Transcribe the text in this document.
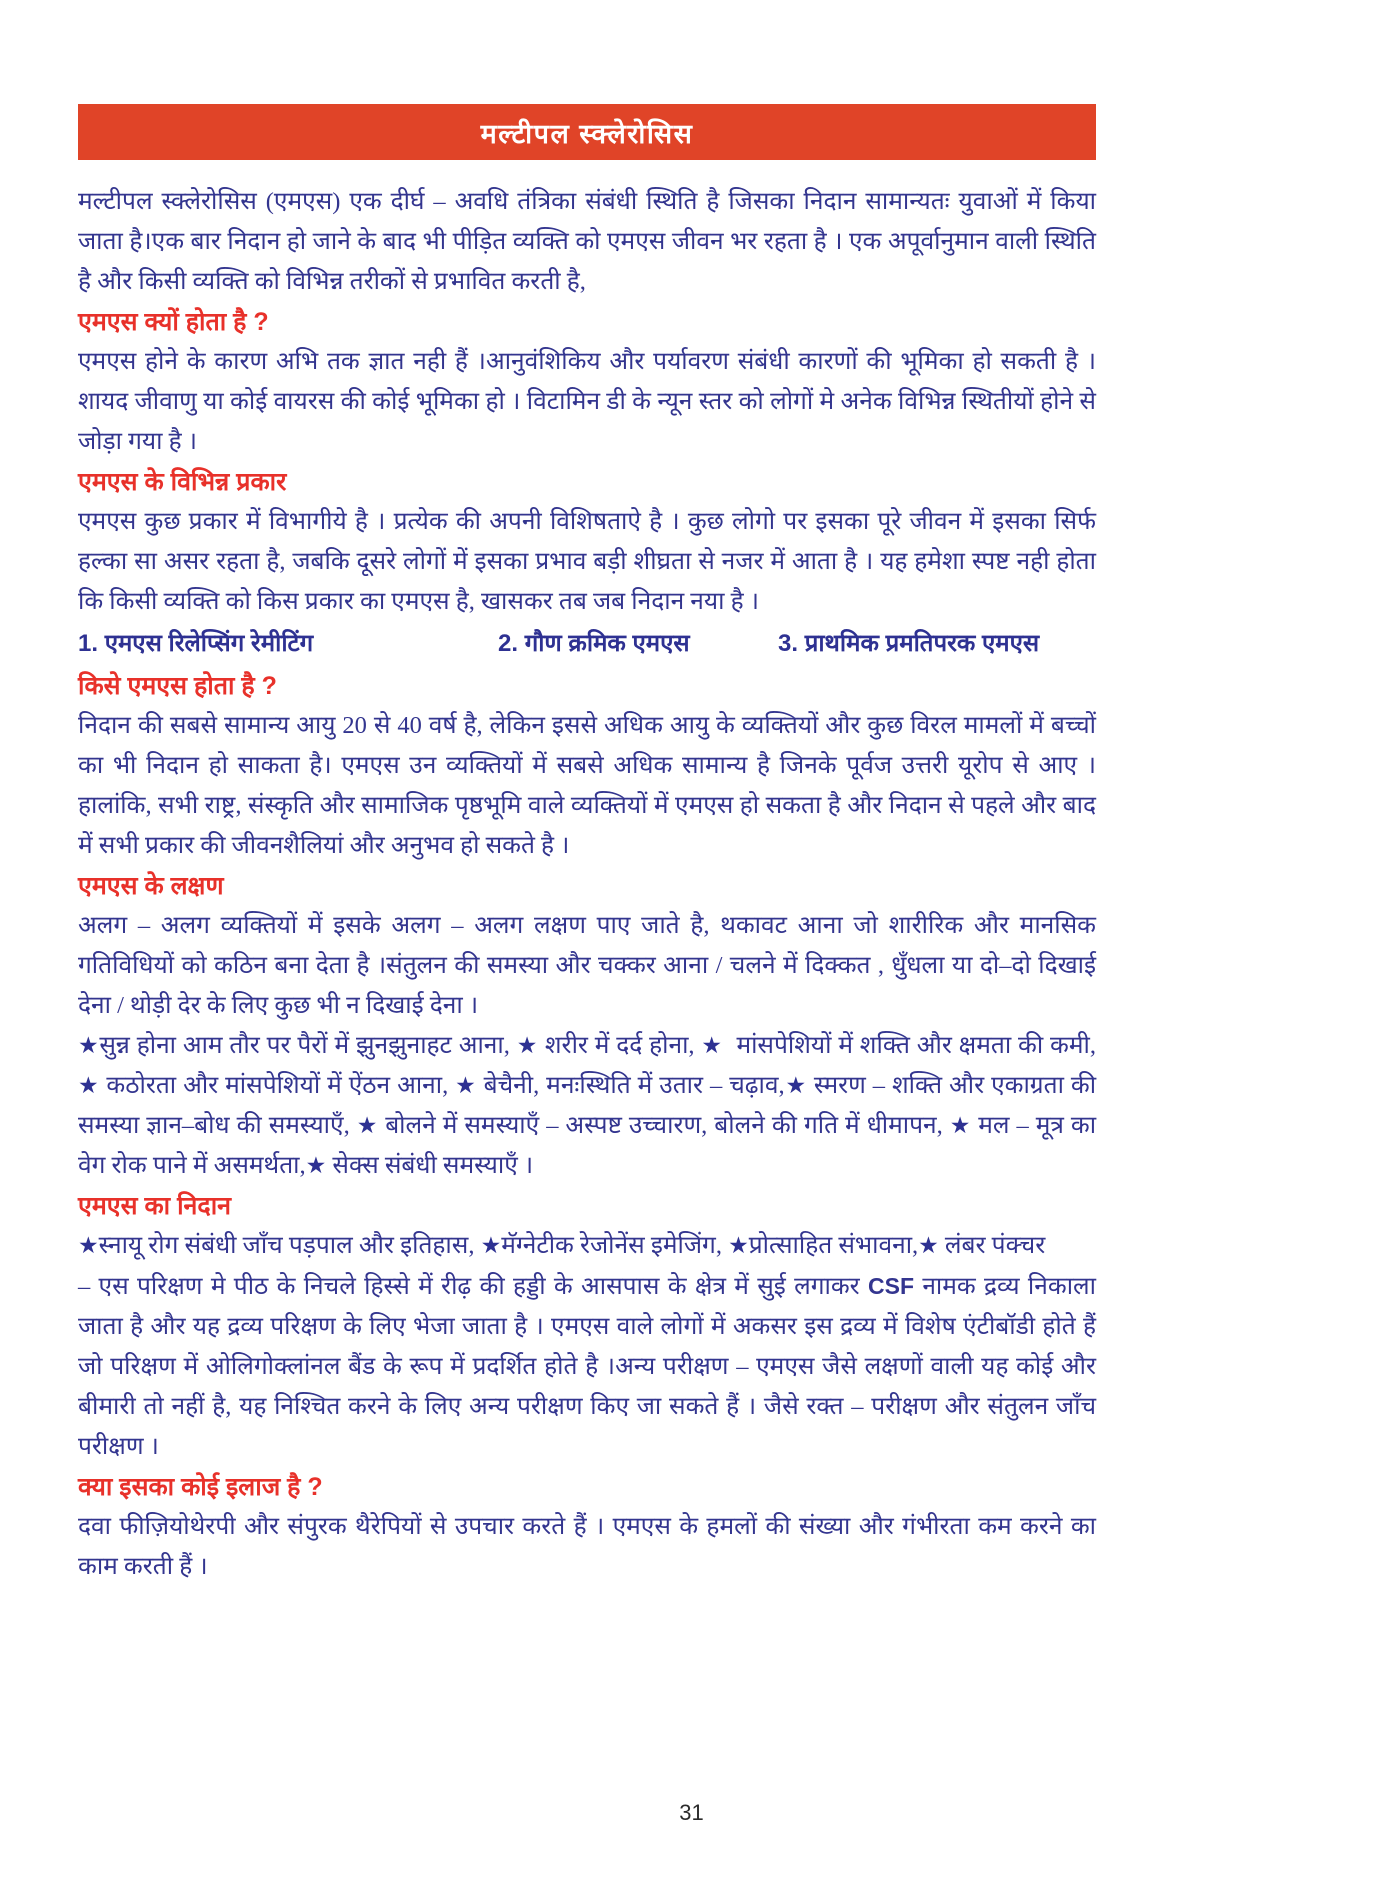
मल्टीपल स्क्लेरोसिस

मल्टीपल स्क्लेरोसिस (एमएस) एक दीर्घ – अवधि तंत्रिका संबंधी स्थिति है जिसका निदान सामान्यतः युवाओं में किया जाता है।एक बार निदान हो जाने के बाद भी पीड़ित व्यक्ति को एमएस जीवन भर रहता है । एक अपूर्वानुमान वाली स्थिति है और किसी व्यक्ति को विभिन्न तरीकों से प्रभावित करती है,

एमएस क्यों होता है ?

एमएस होने के कारण अभि तक ज्ञात नही हैं ।आनुवंशिकिय और पर्यावरण संबंधी कारणों की भूमिका हो सकती है । शायद जीवाणु या कोई वायरस की कोई भूमिका हो । विटामिन डी के न्यून स्तर को लोगों मे अनेक विभिन्न स्थितीयों होने से जोड़ा गया है ।

एमएस के विभिन्न प्रकार

एमएस कुछ प्रकार में विभागीये है । प्रत्येक की अपनी विशिषताऐ है । कुछ लोगो पर इसका पूरे जीवन में इसका सिर्फ हल्का सा असर रहता है, जबकि दूसरे लोगों में इसका प्रभाव बड़ी शीघ्रता से नजर में आता है । यह हमेशा स्पष्ट नही होता कि किसी व्यक्ति को किस प्रकार का एमएस है, खासकर तब जब निदान नया है ।

1. एमएस रिलेप्सिंग रेमीटिंग	2. गौण क्रमिक एमएस	3. प्राथमिक प्रमतिपरक एमएस
किसे एमएस होता है ?

निदान की सबसे सामान्य आयु 20 से 40 वर्ष है, लेकिन इससे अधिक आयु के व्यक्तियों और कुछ विरल मामलों में बच्चों का भी निदान हो साकता है। एमएस उन व्यक्तियों में सबसे अधिक सामान्य है जिनके पूर्वज उत्तरी यूरोप से आए । हालांकि, सभी राष्ट्र, संस्कृति और सामाजिक पृष्ठभूमि वाले व्यक्तियों में एमएस हो सकता है और निदान से पहले और बाद में सभी प्रकार की जीवनशैलियां और अनुभव हो सकते है ।

एमएस के लक्षण

अलग – अलग व्यक्तियों में इसके अलग – अलग लक्षण पाए जाते है, थकावट आना जो शारीरिक और मानसिक गतिविधियों को कठिन बना देता है ।संतुलन की समस्या और चक्कर आना / चलने में दिक्कत , धुँधला या दो–दो दिखाई देना / थोड़ी देर के लिए कुछ भी न दिखाई देना ।

★सुन्न होना आम तौर पर पैरों में झुनझुनाहट आना, ★ शरीर में दर्द होना, ★ मांसपेशियों में शक्ति और क्षमता की कमी, ★ कठोरता और मांसपेशियों में ऐंठन आना, ★ बेचैनी, मनःस्थिति में उतार – चढ़ाव,★ स्मरण – शक्ति और एकाग्रता की समस्या ज्ञान–बोध की समस्याऍं, ★ बोलने में समस्याऍं – अस्पष्ट उच्चारण, बोलने की गति में धीमापन, ★ मल – मूत्र का वेग रोक पाने में असमर्थता,★ सेक्स संबंधी समस्याऍं ।

एमएस का निदान

★स्नायू रोग संबंधी जॉंच पड़पाल और इतिहास, ★मॅग्नेटीक रेजोनेंस इमेजिंग, ★प्रोत्साहित संभावना,★ लंबर पंक्चर

– एस परिक्षण मे पीठ के निचले हिस्से में रीढ़ की हड्डी के आसपास के क्षेत्र में सुई लगाकर CSF नामक द्रव्य निकाला जाता है और यह द्रव्य परिक्षण के लिए भेजा जाता है । एमएस वाले लोगों में अकसर इस द्रव्य में विशेष एंटीबॉडी होते हैं जो परिक्षण में ओलिगोक्लांनल बैंड के रूप में प्रदर्शित होते है ।अन्य परीक्षण – एमएस जैसे लक्षणों वाली यह कोई और बीमारी तो नहीं है, यह निश्चित करने के लिए अन्य परीक्षण किए जा सकते हैं । जैसे रक्त – परीक्षण और संतुलन जॉंच परीक्षण ।

क्या इसका कोई इलाज है ?

दवा फीज़ियोथेरपी और संपुरक थैरेपियों से उपचार करते हैं । एमएस के हमलों की संख्या और गंभीरता कम करने का काम करती हैं ।

31
